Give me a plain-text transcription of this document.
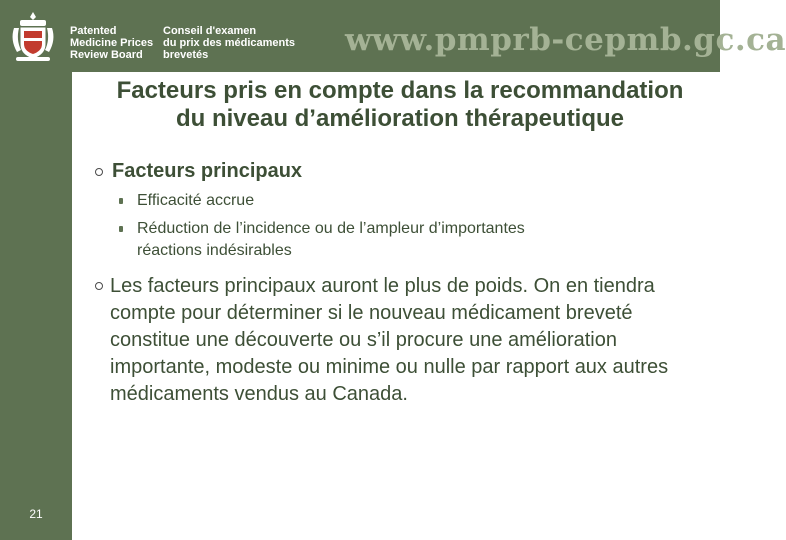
Patented
Medicine Prices
Review Board
Conseil d'examen
du prix des médicaments
brevetés	www.pmprb-cepmb.gc.ca
21
Facteurs pris en compte dans la recommandation du niveau d’amélioration thérapeutique
Facteurs principaux
Efficacité accrue
Réduction de l’incidence ou de l’ampleur d’importantes
réactions indésirables
Les facteurs principaux auront le plus de poids. On en tiendra compte pour déterminer si le nouveau médicament breveté constitue une découverte ou s’il procure une amélioration importante, modeste ou minime ou nulle par rapport aux autres médicaments vendus au Canada.
